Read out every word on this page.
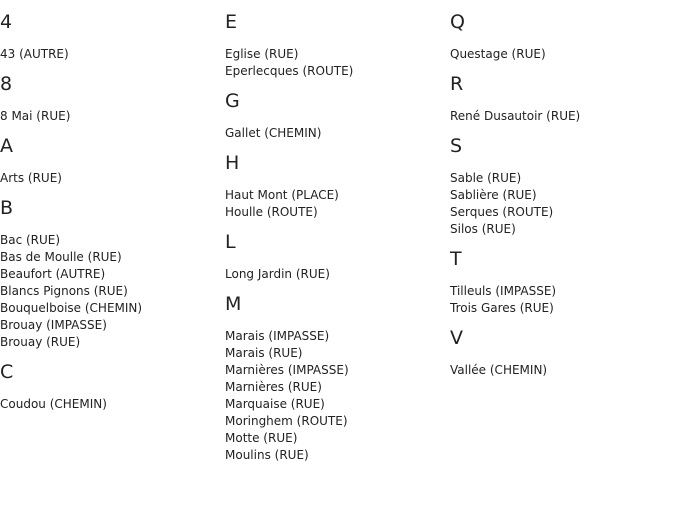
4
43 (AUTRE)
8
8 Mai (RUE)
A
Arts (RUE)
B
Bac (RUE)
Bas de Moulle (RUE)
Beaufort (AUTRE)
Blancs Pignons (RUE)
Bouquelboise (CHEMIN)
Brouay (IMPASSE)
Brouay (RUE)
C
Coudou (CHEMIN)
E
Eglise (RUE)
Eperlecques (ROUTE)
G
Gallet (CHEMIN)
H
Haut Mont (PLACE)
Houlle (ROUTE)
L
Long Jardin (RUE)
M
Marais (IMPASSE)
Marais (RUE)
Marnières (IMPASSE)
Marnières (RUE)
Marquaise (RUE)
Moringhem (ROUTE)
Motte (RUE)
Moulins (RUE)
Q
Questage (RUE)
R
René Dusautoir (RUE)
S
Sable (RUE)
Sablière (RUE)
Serques (ROUTE)
Silos (RUE)
T
Tilleuls (IMPASSE)
Trois Gares (RUE)
V
Vallée (CHEMIN)
